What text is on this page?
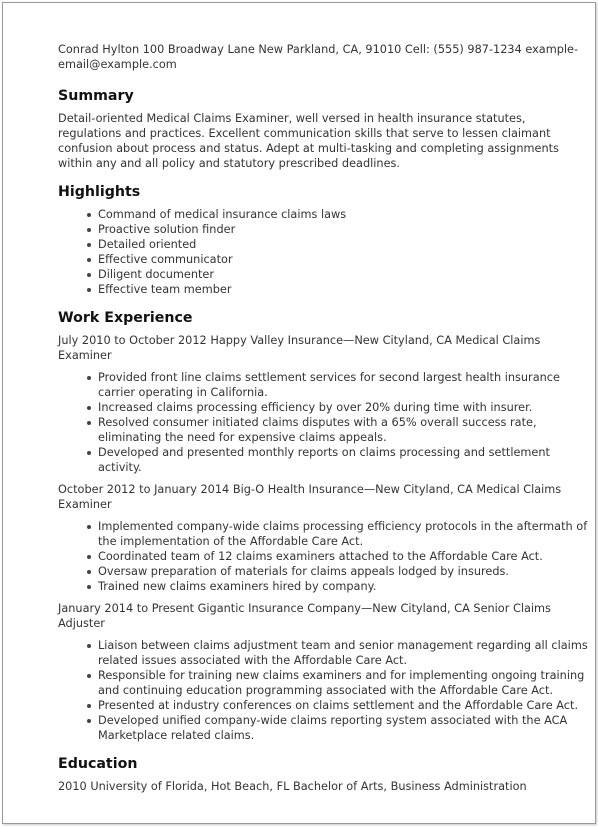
Conrad Hylton 100 Broadway Lane New Parkland, CA, 91010 Cell: (555) 987-1234 example-email@example.com

Summary

Detail-oriented Medical Claims Examiner, well versed in health insurance statutes, regulations and practices. Excellent communication skills that serve to lessen claimant confusion about process and status. Adept at multi-tasking and completing assignments within any and all policy and statutory prescribed deadlines.

Highlights
Command of medical insurance claims laws
Proactive solution finder
Detailed oriented
Effective communicator
Diligent documenter
Effective team member
Work Experience

July 2010 to October 2012 Happy Valley Insurance—New Cityland, CA Medical Claims Examiner

Provided front line claims settlement services for second largest health insurance carrier operating in California.
Increased claims processing efficiency by over 20% during time with insurer.
Resolved consumer initiated claims disputes with a 65% overall success rate, eliminating the need for expensive claims appeals.
Developed and presented monthly reports on claims processing and settlement activity.

October 2012 to January 2014 Big-O Health Insurance—New Cityland, CA Medical Claims Examiner

Implemented company-wide claims processing efficiency protocols in the aftermath of the implementation of the Affordable Care Act.
Coordinated team of 12 claims examiners attached to the Affordable Care Act.
Oversaw preparation of materials for claims appeals lodged by insureds.
Trained new claims examiners hired by company.

January 2014 to Present Gigantic Insurance Company—New Cityland, CA Senior Claims Adjuster

Liaison between claims adjustment team and senior management regarding all claims related issues associated with the Affordable Care Act.
Responsible for training new claims examiners and for implementing ongoing training and continuing education programming associated with the Affordable Care Act.
Presented at industry conferences on claims settlement and the Affordable Care Act.
Developed unified company-wide claims reporting system associated with the ACA Marketplace related claims.
Education

2010 University of Florida, Hot Beach, FL Bachelor of Arts, Business Administration
